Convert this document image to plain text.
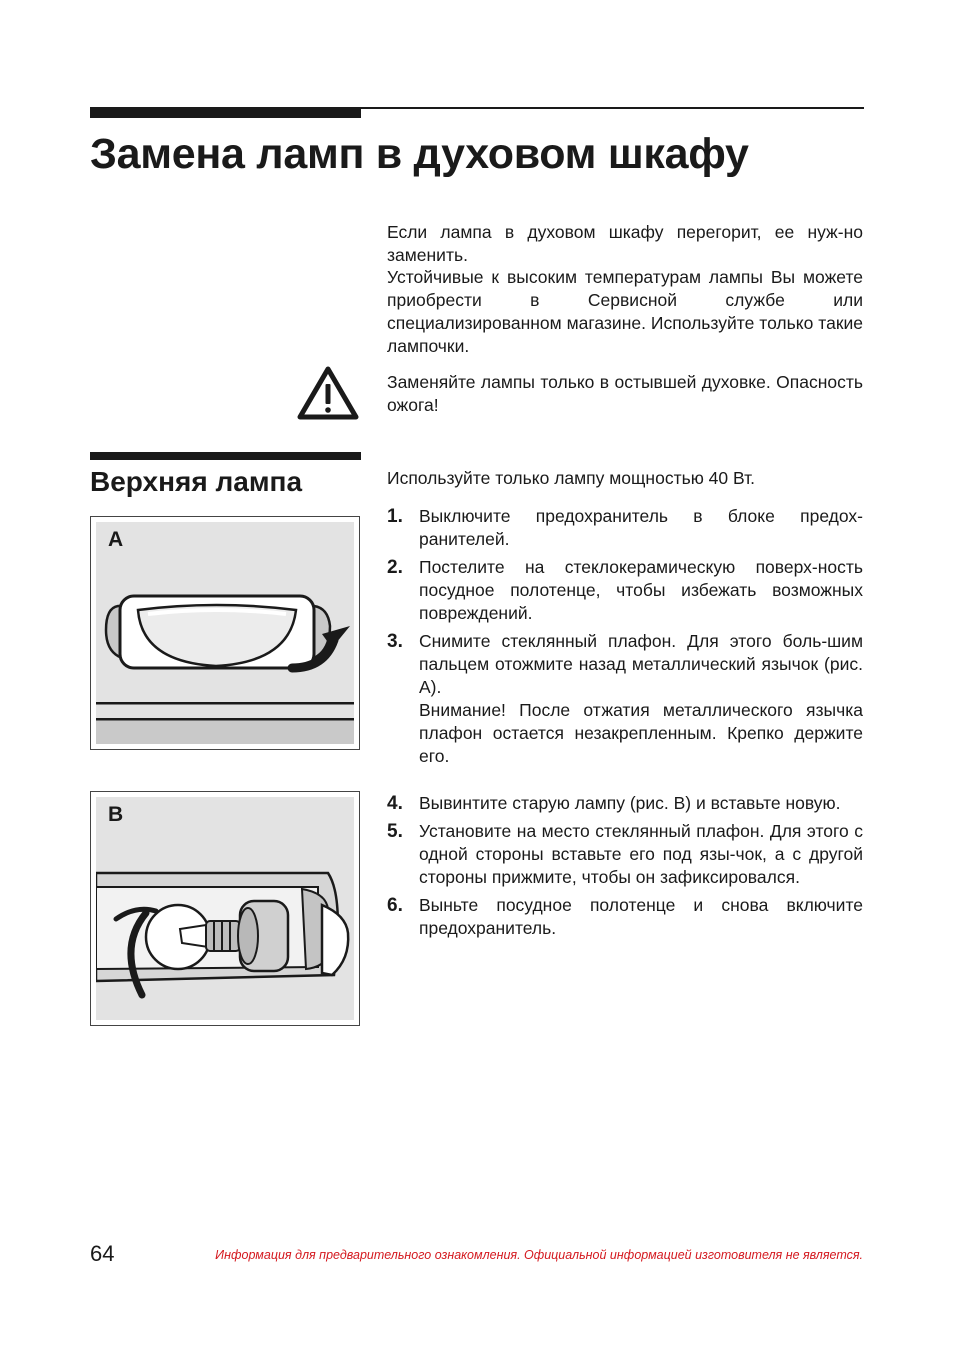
Замена ламп в духовом шкафу

Если лампа в духовом шкафу перегорит, ее нуж-но заменить.

Устойчивые к высоким температурам лампы Вы можете приобрести в Сервисной службе или специализированном магазине. Используйте только такие лампочки.

Заменяйте лампы только в остывшей духовке. Опасность ожога!

Верхняя лампа	Используйте только лампу мощностью 40 Вт.

A
B
1. Выключите предохранитель в блоке предох-ранителей.
2. Постелите на стеклокерамическую поверх-ность посудное полотенце, чтобы избежать возможных повреждений.
3. Снимите стеклянный плафон. Для этого боль-шим пальцем отожмите назад металлический язычок (рис. A).
Внимание! После отжатия металлического язычка плафон остается незакрепленным. Крепко держите его.
4. Вывинтите старую лампу (рис. B) и вставьте новую.
5. Установите на место стеклянный плафон. Для этого с одной стороны вставьте его под язы-чок, а с другой стороны прижмите, чтобы он зафиксировался.
6. Выньте посудное полотенце и снова включите предохранитель.
64	Информация для предварительного ознакомления. Официальной информацией изготовителя не является.
